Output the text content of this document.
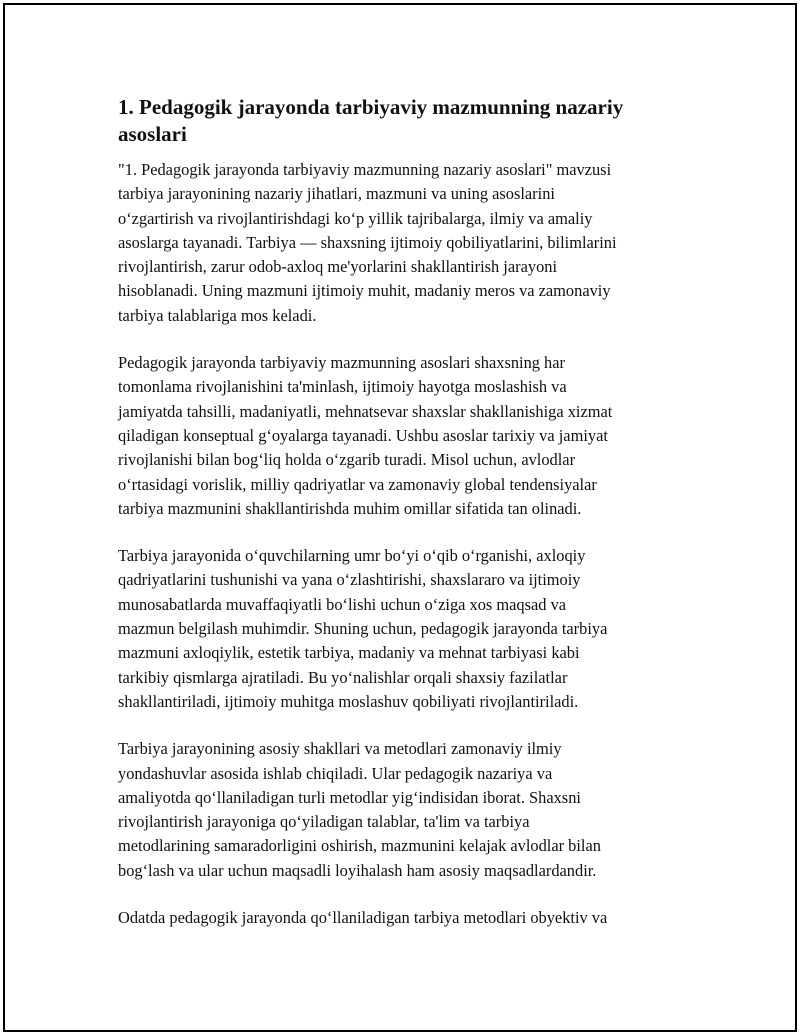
1. Pedagogik jarayonda tarbiyaviy mazmunning nazariy
asoslari
"1. Pedagogik jarayonda tarbiyaviy mazmunning nazariy asoslari" mavzusi
tarbiya jarayonining nazariy jihatlari, mazmuni va uning asoslarini
oʻzgartirish va rivojlantirishdagi koʻp yillik tajribalarga, ilmiy va amaliy
asoslarga tayanadi. Tarbiya — shaxsning ijtimoiy qobiliyatlarini, bilimlarini
rivojlantirish, zarur odob-axloq me'yorlarini shakllantirish jarayoni
hisoblanadi. Uning mazmuni ijtimoiy muhit, madaniy meros va zamonaviy
tarbiya talablariga mos keladi.
Pedagogik jarayonda tarbiyaviy mazmunning asoslari shaxsning har
tomonlama rivojlanishini ta'minlash, ijtimoiy hayotga moslashish va
jamiyatda tahsilli, madaniyatli, mehnatsevar shaxslar shakllanishiga xizmat
qiladigan konseptual gʻoyalarga tayanadi. Ushbu asoslar tarixiy va jamiyat
rivojlanishi bilan bogʻliq holda oʻzgarib turadi. Misol uchun, avlodlar
oʻrtasidagi vorislik, milliy qadriyatlar va zamonaviy global tendensiyalar
tarbiya mazmunini shakllantirishda muhim omillar sifatida tan olinadi.
Tarbiya jarayonida oʻquvchilarning umr boʻyi oʻqib oʻrganishi, axloqiy
qadriyatlarini tushunishi va yana oʻzlashtirishi, shaxslararo va ijtimoiy
munosabatlarda muvaffaqiyatli boʻlishi uchun oʻziga xos maqsad va
mazmun belgilash muhimdir. Shuning uchun, pedagogik jarayonda tarbiya
mazmuni axloqiylik, estetik tarbiya, madaniy va mehnat tarbiyasi kabi
tarkibiy qismlarga ajratiladi. Bu yoʻnalishlar orqali shaxsiy fazilatlar
shakllantiriladi, ijtimoiy muhitga moslashuv qobiliyati rivojlantiriladi.
Tarbiya jarayonining asosiy shakllari va metodlari zamonaviy ilmiy
yondashuvlar asosida ishlab chiqiladi. Ular pedagogik nazariya va
amaliyotda qoʻllaniladigan turli metodlar yigʻindisidan iborat. Shaxsni
rivojlantirish jarayoniga qoʻyiladigan talablar, ta'lim va tarbiya
metodlarining samaradorligini oshirish, mazmunini kelajak avlodlar bilan
bogʻlash va ular uchun maqsadli loyihalash ham asosiy maqsadlardandir.
Odatda pedagogik jarayonda qoʻllaniladigan tarbiya metodlari obyektiv va
